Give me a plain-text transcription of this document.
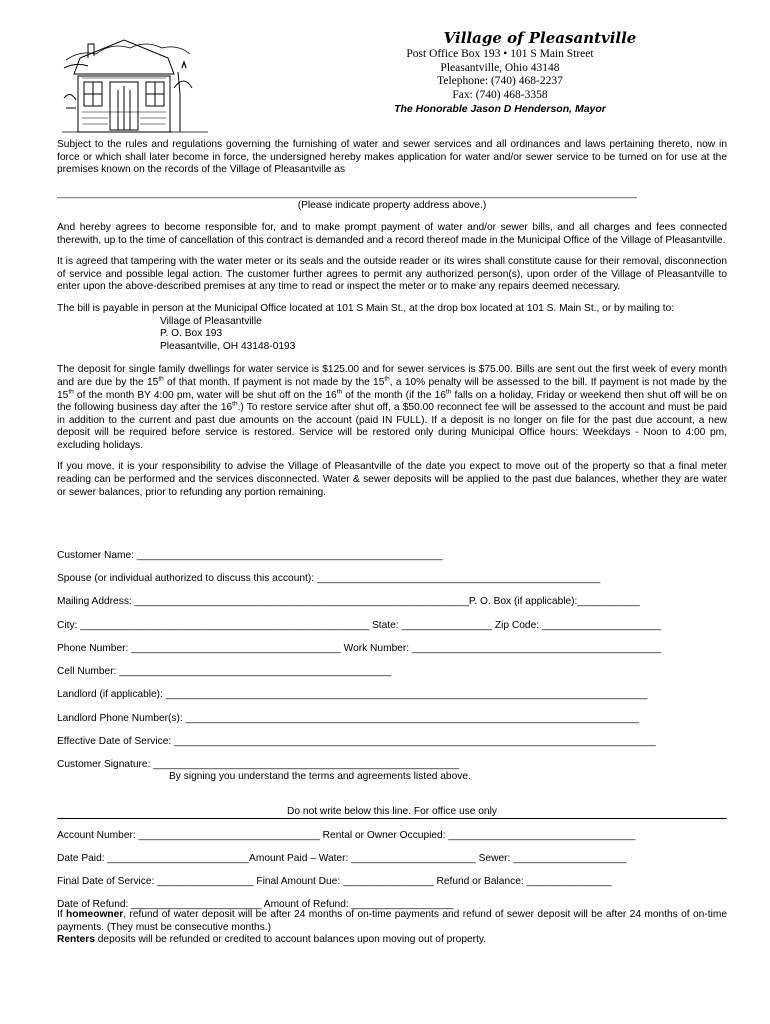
Village of Pleasantville
Post Office Box 193 • 101 S Main Street
Pleasantville, Ohio 43148
Telephone: (740) 468-2237
Fax: (740) 468-3358
The Honorable Jason D Henderson, Mayor

Subject to the rules and regulations governing the furnishing of water and sewer services and all ordinances and laws pertaining thereto, now in force or which shall later become in force, the undersigned hereby makes application for water and/or sewer service to be turned on for use at the premises known on the records of the Village of Pleasantville as

____________________________________________________________________________________________________________
(Please indicate property address above.)

And hereby agrees to become responsible for, and to make prompt payment of water and/or sewer bills, and all charges and fees connected therewith, up to the time of cancellation of this contract is demanded and a record thereof made in the Municipal Office of the Village of Pleasantville.

It is agreed that tampering with the water meter or its seals and the outside reader or its wires shall constitute cause for their removal, disconnection of service and possible legal action. The customer further agrees to permit any authorized person(s), upon order of the Village of Pleasantville to enter upon the above-described premises at any time to read or inspect the meter or to make any repairs deemed necessary.

The bill is payable in person at the Municipal Office located at 101 S Main St., at the drop box located at 101 S. Main St., or by mailing to:

Village of Pleasantville
P. O. Box 193
Pleasantville, OH 43148-0193

The deposit for single family dwellings for water service is $125.00 and for sewer services is $75.00. Bills are sent out the first week of every month and are due by the 15th of that month. If payment is not made by the 15th, a 10% penalty will be assessed to the bill. If payment is not made by the 15th of the month BY 4:00 pm, water will be shut off on the 16th of the month (if the 16th falls on a holiday, Friday or weekend then shut off will be on the following business day after the 16th.) To restore service after shut off, a $50.00 reconnect fee will be assessed to the account and must be paid in addition to the current and past due amounts on the account (paid IN FULL). If a deposit is no longer on file for the past due account, a new deposit will be required before service is restored. Service will be restored only during Municipal Office hours: Weekdays - Noon to 4:00 pm, excluding holidays.

If you move, it is your responsibility to advise the Village of Pleasantville of the date you expect to move out of the property so that a final meter reading can be performed and the services disconnected. Water & sewer deposits will be applied to the past due balances, whether they are water or sewer balances, prior to refunding any portion remaining.

Customer Name: ______________________________________________________
Spouse (or individual authorized to discuss this account): __________________________________________________
Mailing Address: ___________________________________________________________P. O. Box (if applicable):___________
City: ___________________________________________________ State: ________________ Zip Code: _____________________
Phone Number: _____________________________________ Work Number: ____________________________________________
Cell Number: ________________________________________________
Landlord (if applicable): _____________________________________________________________________________________
Landlord Phone Number(s): ________________________________________________________________________________
Effective Date of Service: _____________________________________________________________________________________
Customer Signature: ______________________________________________________
By signing you understand the terms and agreements listed above.
Do not write below this line. For office use only
Account Number: ________________________________ Rental or Owner Occupied: _________________________________
Date Paid: _________________________Amount Paid – Water: ______________________ Sewer: ____________________
Final Date of Service: _________________ Final Amount Due: ________________ Refund or Balance: _______________
Date of Refund: _______________________ Amount of Refund: __________________

If homeowner, refund of water deposit will be after 24 months of on-time payments and refund of sewer deposit will be after 24 months of on-time payments. (They must be consecutive months.)

Renters deposits will be refunded or credited to account balances upon moving out of property.
